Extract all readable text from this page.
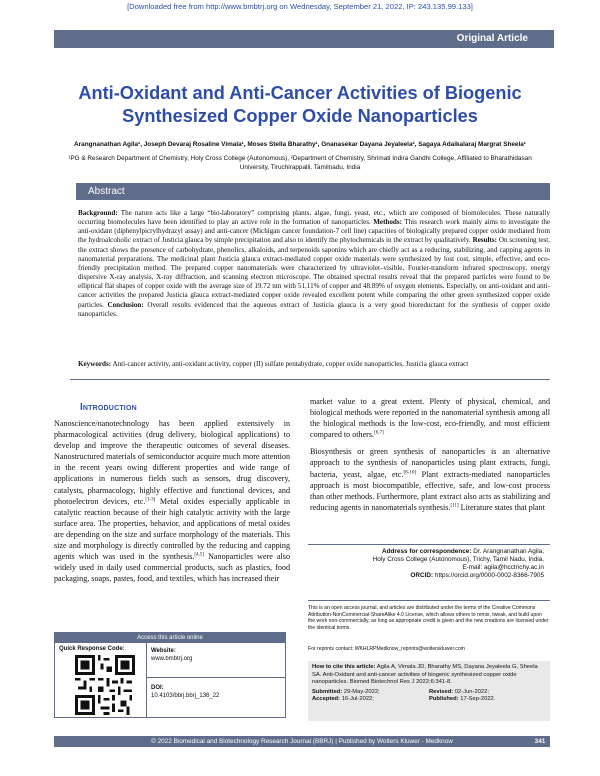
[Downloaded free from http://www.bmbtrj.org on Wednesday, September 21, 2022, IP: 243.135.99.133]
Original Article
Anti-Oxidant and Anti-Cancer Activities of Biogenic Synthesized Copper Oxide Nanoparticles
Arangnanathan Agila¹, Joseph Devaraj Rosaline Vimala¹, Moses Stella Bharathy¹, Gnanasekar Dayana Jeyaleela², Sagaya Adaikalaraj Margrat Sheela¹
¹PG & Research Department of Chemistry, Holy Cross College (Autonomous), ²Department of Chemistry, Shrimati Indira Gandhi College, Affiliated to Bharathidasan University, Tiruchirappalli, Tamilnadu, India
Abstract
Background: The nature acts like a large “bio-laboratory” comprising plants, algae, fungi, yeast, etc., which are composed of biomolecules. These naturally occurring biomolecules have been identified to play an active role in the formation of nanoparticles. Methods: This research work mainly aims to investigate the anti-oxidant (diphenylpicrylhydrazyl assay) and anti-cancer (Michigan cancer foundation-7 cell line) capacities of biologically prepared copper oxide mediated from the hydroalcoholic extract of Justicia glauca by simple precipitation and also to identify the phytochemicals in the extract by qualitatively. Results: On screening test, the extract shows the presence of carbohydrate, phenolics, alkaloids, and terpenoids saponins which are chiefly act as a reducing, stabilizing, and capping agents in nanomaterial preparations. The medicinal plant Justicia glauca extract-mediated copper oxide materials were synthesized by lost cost, simple, effective, and eco-friendly precipitation method. The prepared copper nanomaterials were characterized by ultraviolet–visible, Fourier-transform infrared spectroscopy, energy dispersive X-ray analysis, X-ray diffraction, and scanning electron microscope. The obtained spectral results reveal that the prepared particles were found to be elliptical flat shapes of copper oxide with the average size of 19.72 nm with 51.11% of copper and 48.89% of oxygen elements. Especially, on anti-oxidant and anti-cancer activities the prepared Justicia glauca extract-mediated copper oxide revealed excellent potent while comparing the other green synthesized copper oxide particles. Conclusion: Overall results evidenced that the aqueous extract of Justicia glauca is a very good bioreductant for the synthesis of copper oxide nanoparticles.
Keywords: Anti-cancer activity, anti-oxidant activity, copper (II) sulfate pentahydrate, copper oxide nanoparticles, Justicia glauca extract
Introduction
Nanoscience/nanotechnology has been applied extensively in pharmacological activities (drug delivery, biological applications) to develop and improve the therapeutic outcomes of several diseases. Nanostructured materials of semiconductor acquire much more attention in the recent years owing different properties and wide range of applications in numerous fields such as sensors, drug discovery, catalysts, pharmacology, highly effective and functional devices, and photoelectron devices, etc.[1-3] Metal oxides especially applicable in catalytic reaction because of their high catalytic activity with the large surface area. The properties, behavior, and applications of metal oxides are depending on the size and surface morphology of the materials. This size and morphology is directly controlled by the reducing and capping agents which was used in the synthesis.[4,5] Nanoparticles were also widely used in daily used commercial products, such as plastics, food packaging, soaps, pastes, food, and textiles, which has increased their

market value to a great extent. Plenty of physical, chemical, and biological methods were reported in the nanomaterial synthesis among all the biological methods is the low-cost, eco-friendly, and most efficient compared to others.[6,7]

Biosynthesis or green synthesis of nanoparticles is an alternative approach to the synthesis of nanoparticles using plant extracts, fungi, bacteria, yeast, algae, etc.[8-10] Plant extracts-mediated nanoparticles approach is most biocompatible, effective, safe, and low-cost process than other methods. Furthermore, plant extract also acts as stabilizing and reducing agents in nanomaterials synthesis.[11] Literature states that plant

Address for correspondence: Dr. Arangnanathan Agila,
Holy Cross College (Autonomous), Trichy, Tamil Nadu, India.
E-mail: agila@hcctrichy.ac.in
ORCID: https://orcid.org/0000-0002-8366-7905
This is an open access journal, and articles are distributed under the terms of the Creative Commons Attribution-NonCommercial-ShareAlike 4.0 License, which allows others to remix, tweak, and build upon the work non-commercially, as long as appropriate credit is given and the new creations are licensed under the identical terms.
For reprints contact: WKHLRPMedknow_reprints@wolterskluwer.com
How to cite this article: Agila A, Vimala JD, Bharathy MS, Dayana Jeyaleela G, Sheela SA. Anti-Oxidant and anti-cancer activities of biogenic synthesized copper oxide nanoparticles. Biomed Biotechnol Res J 2022;6:341-8.
Submitted: 29-May-2022;	Revised: 02-Jun-2022;
Accepted: 16-Jul-2022;	Published: 17-Sep-2022.
Access this article online
Quick Response Code:	Website:
www.bmbtrj.org
DOI:
10.4103/bbrj.bbrj_136_22
© 2022 Biomedical and Biotechnology Research Journal (BBRJ) | Published by Wolters Kluwer - Medknow	341
